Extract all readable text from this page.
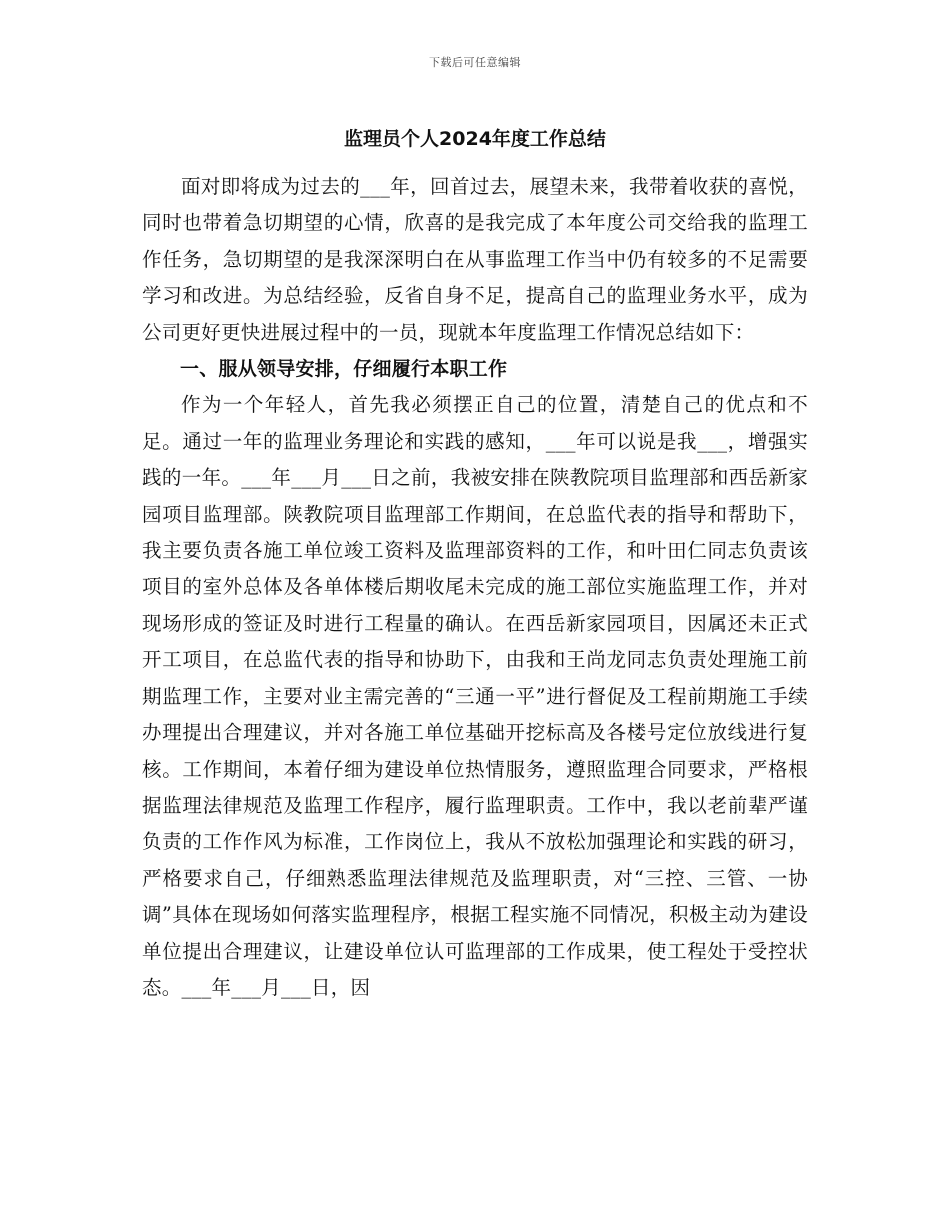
下载后可任意编辑
监理员个人2024年度工作总结

面对即将成为过去的___年，回首过去，展望未来，我带着收获的喜悦，同时也带着急切期望的心情，欣喜的是我完成了本年度公司交给我的监理工作任务，急切期望的是我深深明白在从事监理工作当中仍有较多的不足需要学习和改进。为总结经验，反省自身不足，提高自己的监理业务水平，成为公司更好更快进展过程中的一员，现就本年度监理工作情况总结如下：

一、服从领导安排，仔细履行本职工作

作为一个年轻人，首先我必须摆正自己的位置，清楚自己的优点和不足。通过一年的监理业务理论和实践的感知，___年可以说是我___，增强实践的一年。___年___月___日之前，我被安排在陕教院项目监理部和西岳新家园项目监理部。陕教院项目监理部工作期间，在总监代表的指导和帮助下，我主要负责各施工单位竣工资料及监理部资料的工作，和叶田仁同志负责该项目的室外总体及各单体楼后期收尾未完成的施工部位实施监理工作，并对现场形成的签证及时进行工程量的确认。在西岳新家园项目，因属还未正式开工项目，在总监代表的指导和协助下，由我和王尚龙同志负责处理施工前期监理工作，主要对业主需完善的“三通一平”进行督促及工程前期施工手续办理提出合理建议，并对各施工单位基础开挖标高及各楼号定位放线进行复核。工作期间，本着仔细为建设单位热情服务，遵照监理合同要求，严格根据监理法律规范及监理工作程序，履行监理职责。工作中，我以老前辈严谨负责的工作作风为标准，工作岗位上，我从不放松加强理论和实践的研习，严格要求自己，仔细熟悉监理法律规范及监理职责，对“三控、三管、一协调”具体在现场如何落实监理程序，根据工程实施不同情况，积极主动为建设单位提出合理建议，让建设单位认可监理部的工作成果，使工程处于受控状态。___年___月___日，因
